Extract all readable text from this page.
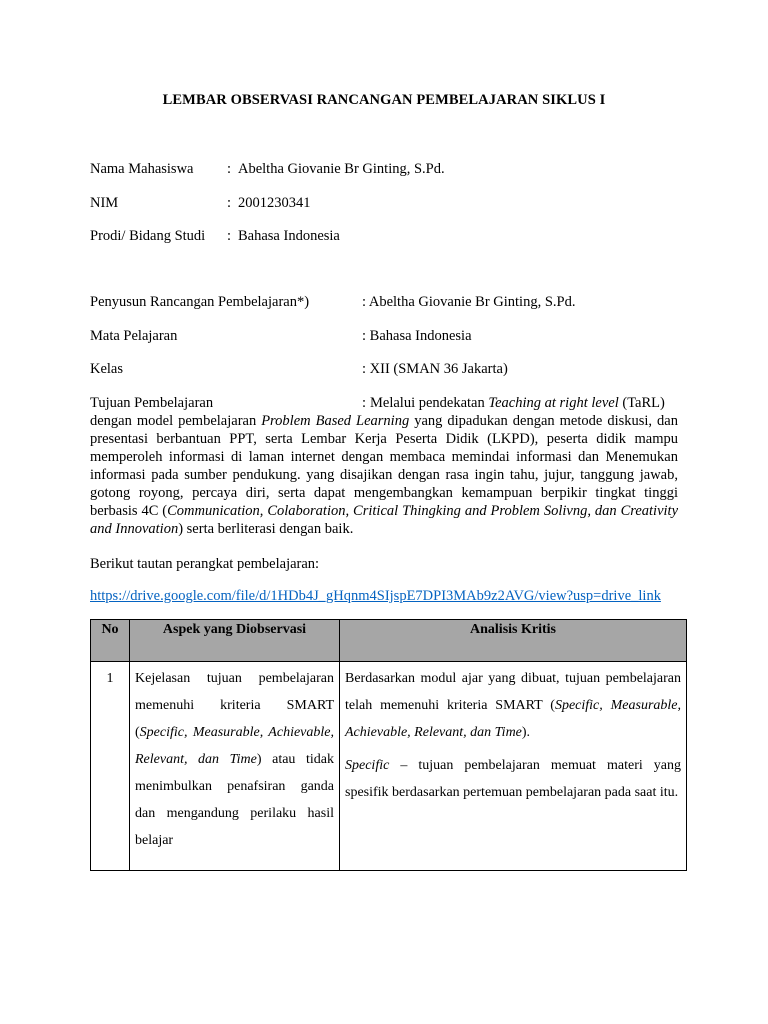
LEMBAR OBSERVASI RANCANGAN PEMBELAJARAN SIKLUS I
Nama Mahasiswa : Abeltha Giovanie Br Ginting, S.Pd.
NIM	: 2001230341
Prodi/ Bidang Studi : Bahasa Indonesia
Penyusun Rancangan Pembelajaran*)	: Abeltha Giovanie Br Ginting, S.Pd.
Mata Pelajaran	: Bahasa Indonesia
Kelas	: XII (SMAN 36 Jakarta)
Tujuan Pembelajaran	: Melalui pendekatan Teaching at right level (TaRL)
dengan model pembelajaran Problem Based Learning yang dipadukan dengan metode diskusi, dan presentasi berbantuan PPT, serta Lembar Kerja Peserta Didik (LKPD), peserta didik mampu memperoleh informasi di laman internet dengan membaca memindai informasi dan Menemukan informasi pada sumber pendukung. yang disajikan dengan rasa ingin tahu, jujur, tanggung jawab, gotong royong, percaya diri, serta dapat mengembangkan kemampuan berpikir tingkat tinggi berbasis 4C (Communication, Colaboration, Critical Thingking and Problem Solivng, dan Creativity and Innovation) serta berliterasi dengan baik.
Berikut tautan perangkat pembelajaran:
https://drive.google.com/file/d/1HDb4J_gHqnm4SIjspE7DPI3MAb9z2AVG/view?usp=drive_link
No	Aspek yang Diobservasi	Analisis Kritis
1	Kejelasan tujuan pembelajaran memenuhi kriteria SMART (Specific, Measurable, Achievable, Relevant, dan Time) atau tidak menimbulkan penafsiran ganda dan mengandung perilaku hasil belajar	Berdasarkan modul ajar yang dibuat, tujuan pembelajaran telah memenuhi kriteria SMART (Specific, Measurable, Achievable, Relevant, dan Time).

Specific – tujuan pembelajaran memuat materi yang spesifik berdasarkan pertemuan pembelajaran pada saat itu.
